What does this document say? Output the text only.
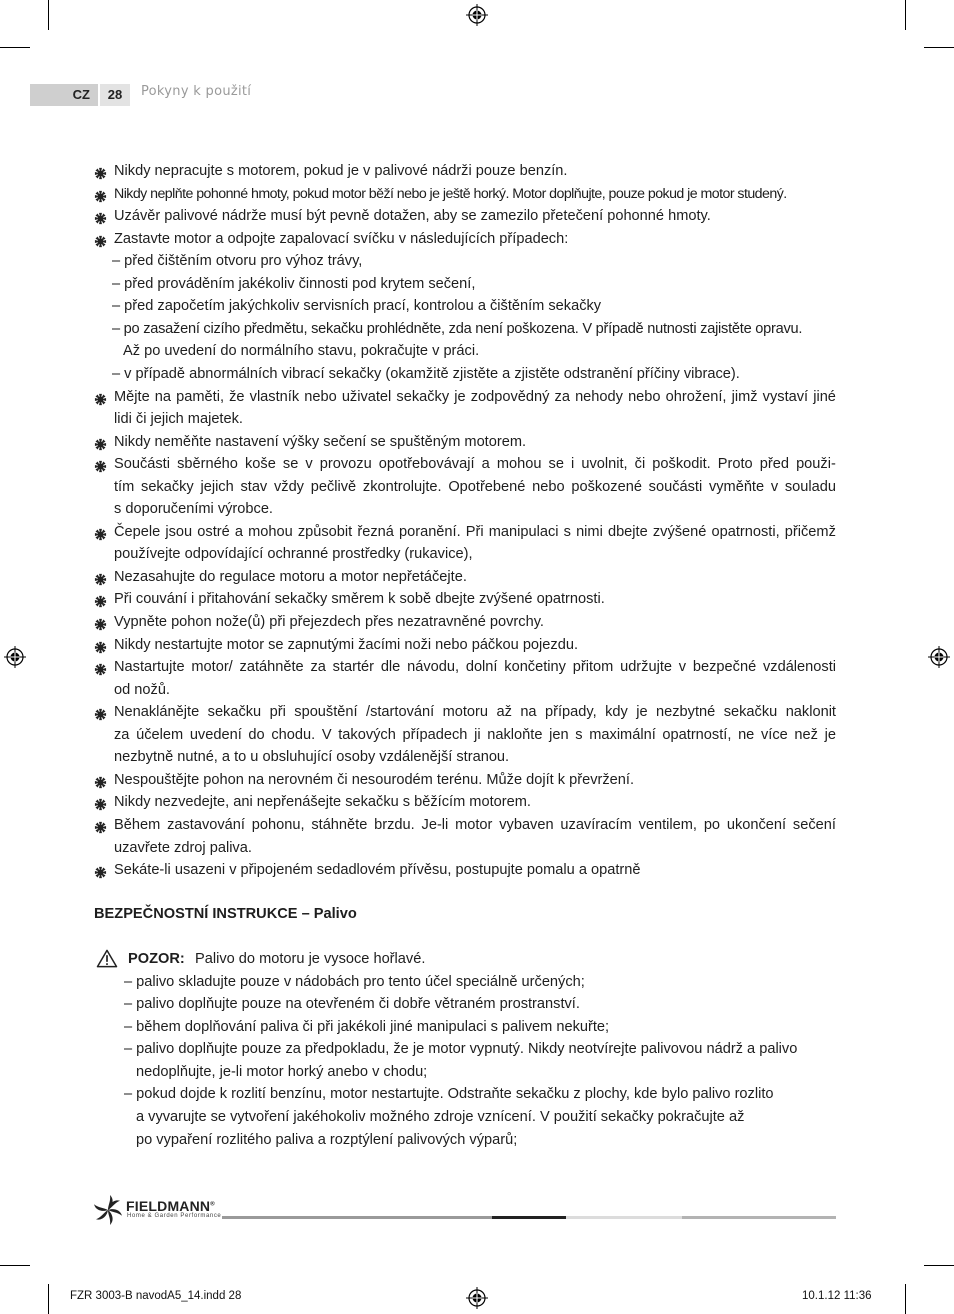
CZ	28	Pokyny k použití
Nikdy nepracujte s motorem, pokud je v palivové nádrži pouze benzín.
Nikdy neplňte pohonné hmoty, pokud motor běží nebo je ještě horký. Motor doplňujte, pouze pokud je motor studený.
Uzávěr palivové nádrže musí být pevně dotažen, aby se zamezilo přetečení pohonné hmoty.
Zastavte motor a odpojte zapalovací svíčku v následujících případech:
– před čištěním otvoru pro výhoz trávy,
– před prováděním jakékoliv činnosti pod krytem sečení,
– před započetím jakýchkoliv servisních prací, kontrolou a čištěním sekačky
– po zasažení cizího předmětu, sekačku prohlédněte, zda není poškozena. V případě nutnosti zajistěte opravu.
Až po uvedení do normálního stavu, pokračujte v práci.
– v případě abnormálních vibrací sekačky (okamžitě zjistěte a zjistěte odstranění příčiny vibrace).
Mějte na paměti, že vlastník nebo uživatel sekačky je zodpovědný za nehody nebo ohrožení, jimž vystaví jiné
lidi či jejich majetek.
Nikdy neměňte nastavení výšky sečení se spuštěným motorem.
Součásti sběrného koše se v provozu opotřebovávají a mohou se i uvolnit, či poškodit. Proto před použi-
tím sekačky jejich stav vždy pečlivě zkontrolujte. Opotřebené nebo poškozené součásti vyměňte v souladu
s doporučeními výrobce.
Čepele jsou ostré a mohou způsobit řezná poranění. Při manipulaci s nimi dbejte zvýšené opatrnosti, přičemž
používejte odpovídající ochranné prostředky (rukavice),
Nezasahujte do regulace motoru a motor nepřetáčejte.
Při couvání i přitahování sekačky směrem k sobě dbejte zvýšené opatrnosti.
Vypněte pohon nože(ů) při přejezdech přes nezatravněné povrchy.
Nikdy nestartujte motor se zapnutými žacími noži nebo páčkou pojezdu.
Nastartujte motor/ zatáhněte za startér dle návodu, dolní končetiny přitom udržujte v bezpečné vzdálenosti
od nožů.
Nenaklánějte sekačku při spouštění /startování motoru až na případy, kdy je nezbytné sekačku naklonit
za účelem uvedení do chodu. V takových případech ji nakloňte jen s maximální opatrností, ne více než je
nezbytně nutné, a to u obsluhující osoby vzdálenější stranou.
Nespouštějte pohon na nerovném či nesourodém terénu. Může dojít k převržení.
Nikdy nezvedejte, ani nepřenášejte sekačku s běžícím motorem.
Během zastavování pohonu, stáhněte brzdu. Je-li motor vybaven uzavíracím ventilem, po ukončení sečení
uzavřete zdroj paliva.
Sekáte-li usazeni v připojeném sedadlovém přívěsu, postupujte pomalu a opatrně
BEZPEČNOSTNÍ INSTRUKCE – Palivo
POZOR: Palivo do motoru je vysoce hořlavé.
– palivo skladujte pouze v nádobách pro tento účel speciálně určených;
– palivo doplňujte pouze na otevřeném či dobře větraném prostranství.
– během doplňování paliva či při jakékoli jiné manipulaci s palivem nekuřte;
– palivo doplňujte pouze za předpokladu, že je motor vypnutý. Nikdy neotvírejte palivovou nádrž a palivo
nedoplňujte, je-li motor horký anebo v chodu;
– pokud dojde k rozlití benzínu, motor nestartujte. Odstraňte sekačku z plochy, kde bylo palivo rozlito
a vyvarujte se vytvoření jakéhokoliv možného zdroje vznícení. V použití sekačky pokračujte až
po vypaření rozlitého paliva a rozptýlení palivových výparů;
FIELDMANN®
Home & Garden Performance
FZR 3003-B navodA5_14.indd 28	10.1.12 11:36
